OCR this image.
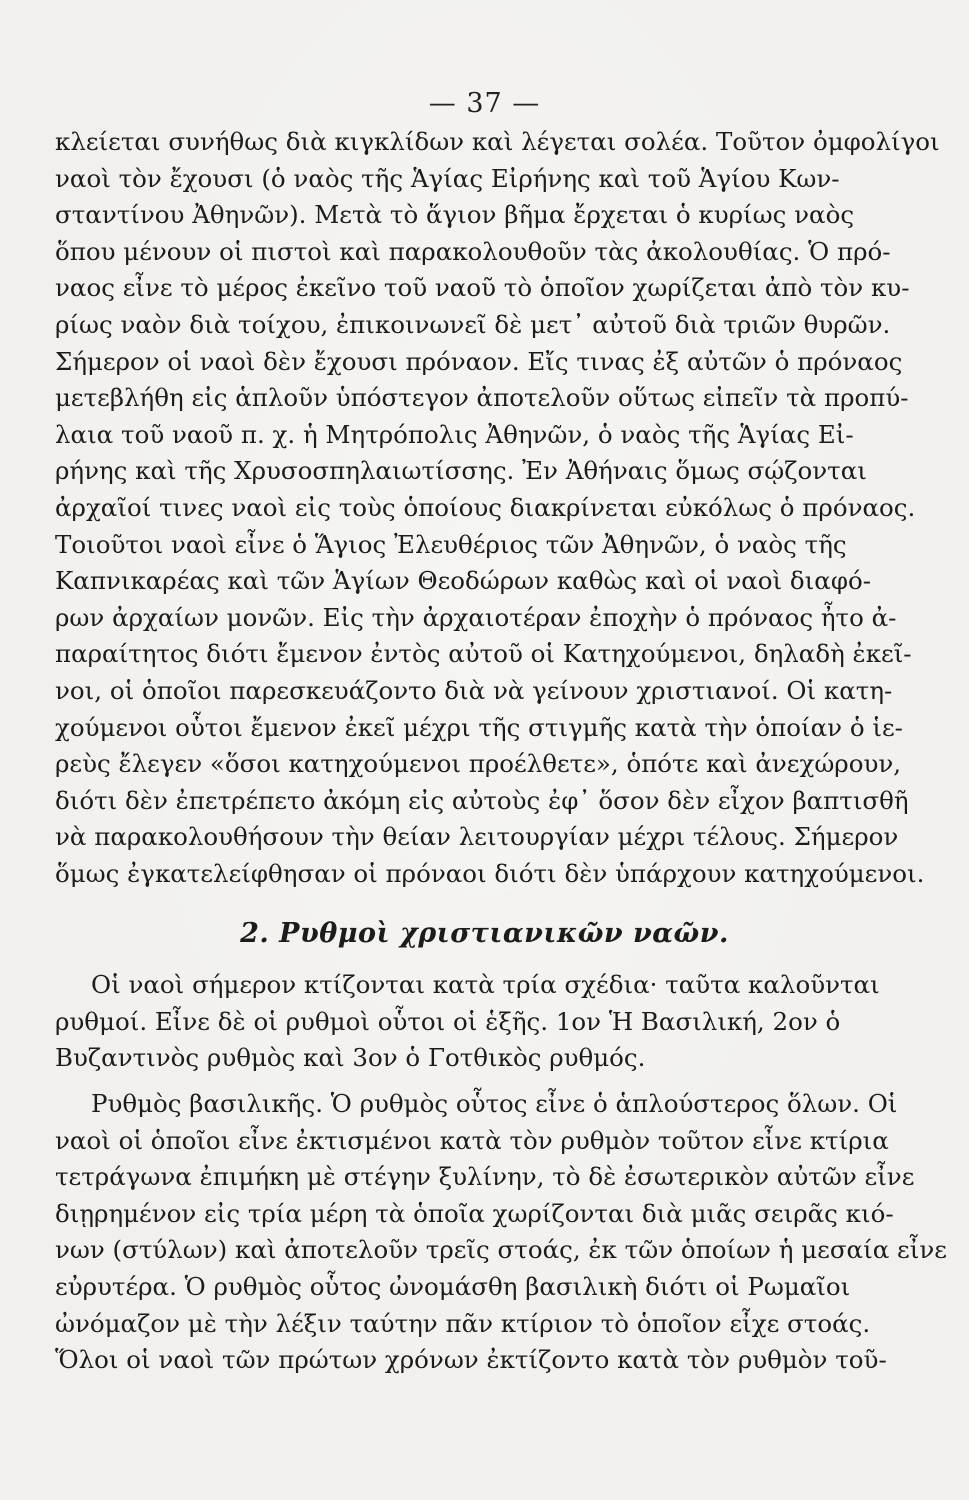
— 37 —
κλείεται συνήθως διὰ κιγκλίδων καὶ λέγεται σολέα. Τοῦτον ὀμφολίγοι
ναοὶ τὸν ἔχουσι (ὁ ναὸς τῆς Ἁγίας Εἰρήνης καὶ τοῦ Ἁγίου Κων-
σταντίνου Ἀθηνῶν). Μετὰ τὸ ἅγιον βῆμα ἔρχεται ὁ κυρίως ναὸς
ὅπου μένουν οἱ πιστοὶ καὶ παρακολουθοῦν τὰς ἀκολουθίας. Ὁ πρό-
ναος εἶνε τὸ μέρος ἐκεῖνο τοῦ ναοῦ τὸ ὁποῖον χωρίζεται ἀπὸ τὸν κυ-
ρίως ναὸν διὰ τοίχου, ἐπικοινωνεῖ δὲ μετ᾽ αὐτοῦ διὰ τριῶν θυρῶν.
Σήμερον οἱ ναοὶ δὲν ἔχουσι πρόναον. Εἴς τινας ἐξ αὐτῶν ὁ πρόναος
μετεβλήθη εἰς ἁπλοῦν ὑπόστεγον ἀποτελοῦν οὕτως εἰπεῖν τὰ προπύ-
λαια τοῦ ναοῦ π. χ. ἡ Μητρόπολις Ἀθηνῶν, ὁ ναὸς τῆς Ἁγίας Εἰ-
ρήνης καὶ τῆς Χρυσοσπηλαιωτίσσης. Ἐν Ἀθήναις ὅμως σῴζονται
ἀρχαῖοί τινες ναοὶ εἰς τοὺς ὁποίους διακρίνεται εὐκόλως ὁ πρόναος.
Τοιοῦτοι ναοὶ εἶνε ὁ Ἅγιος Ἐλευθέριος τῶν Ἀθηνῶν, ὁ ναὸς τῆς
Καπνικαρέας καὶ τῶν Ἁγίων Θεοδώρων καθὼς καὶ οἱ ναοὶ διαφό-
ρων ἀρχαίων μονῶν. Εἰς τὴν ἀρχαιοτέραν ἐποχὴν ὁ πρόναος ἦτο ἀ-
παραίτητος διότι ἔμενον ἐντὸς αὐτοῦ οἱ Κατηχούμενοι, δηλαδὴ ἐκεῖ-
νοι, οἱ ὁποῖοι παρεσκευάζοντο διὰ νὰ γείνουν χριστιανοί. Οἱ κατη-
χούμενοι οὗτοι ἔμενον ἐκεῖ μέχρι τῆς στιγμῆς κατὰ τὴν ὁποίαν ὁ ἱε-
ρεὺς ἔλεγεν «ὅσοι κατηχούμενοι προέλθετε», ὁπότε καὶ ἀνεχώρουν,
διότι δὲν ἐπετρέπετο ἀκόμη εἰς αὐτοὺς ἐφ᾽ ὅσον δὲν εἶχον βαπτισθῆ
νὰ παρακολουθήσουν τὴν θείαν λειτουργίαν μέχρι τέλους. Σήμερον
ὅμως ἐγκατελείφθησαν οἱ πρόναοι διότι δὲν ὑπάρχουν κατηχούμενοι.
2. Ρυθμοὶ χριστιανικῶν ναῶν.
Οἱ ναοὶ σήμερον κτίζονται κατὰ τρία σχέδια· ταῦτα καλοῦνται
ρυθμοί. Εἶνε δὲ οἱ ρυθμοὶ οὗτοι οἱ ἑξῆς. 1ον Ἡ Βασιλική, 2ον ὁ
Βυζαντινὸς ρυθμὸς καὶ 3ον ὁ Γοτθικὸς ρυθμός.
Ρυθμὸς βασιλικῆς. Ὁ ρυθμὸς οὗτος εἶνε ὁ ἁπλούστερος ὅλων. Οἱ
ναοὶ οἱ ὁποῖοι εἶνε ἐκτισμένοι κατὰ τὸν ρυθμὸν τοῦτον εἶνε κτίρια
τετράγωνα ἐπιμήκη μὲ στέγην ξυλίνην, τὸ δὲ ἐσωτερικὸν αὐτῶν εἶνε
διῃρημένον εἰς τρία μέρη τὰ ὁποῖα χωρίζονται διὰ μιᾶς σειρᾶς κιό-
νων (στύλων) καὶ ἀποτελοῦν τρεῖς στοάς, ἐκ τῶν ὁποίων ἡ μεσαία εἶνε
εὐρυτέρα. Ὁ ρυθμὸς οὗτος ὠνομάσθη βασιλικὴ διότι οἱ Ρωμαῖοι
ὠνόμαζον μὲ τὴν λέξιν ταύτην πᾶν κτίριον τὸ ὁποῖον εἶχε στοάς.
Ὅλοι οἱ ναοὶ τῶν πρώτων χρόνων ἐκτίζοντο κατὰ τὸν ρυθμὸν τοῦ-
